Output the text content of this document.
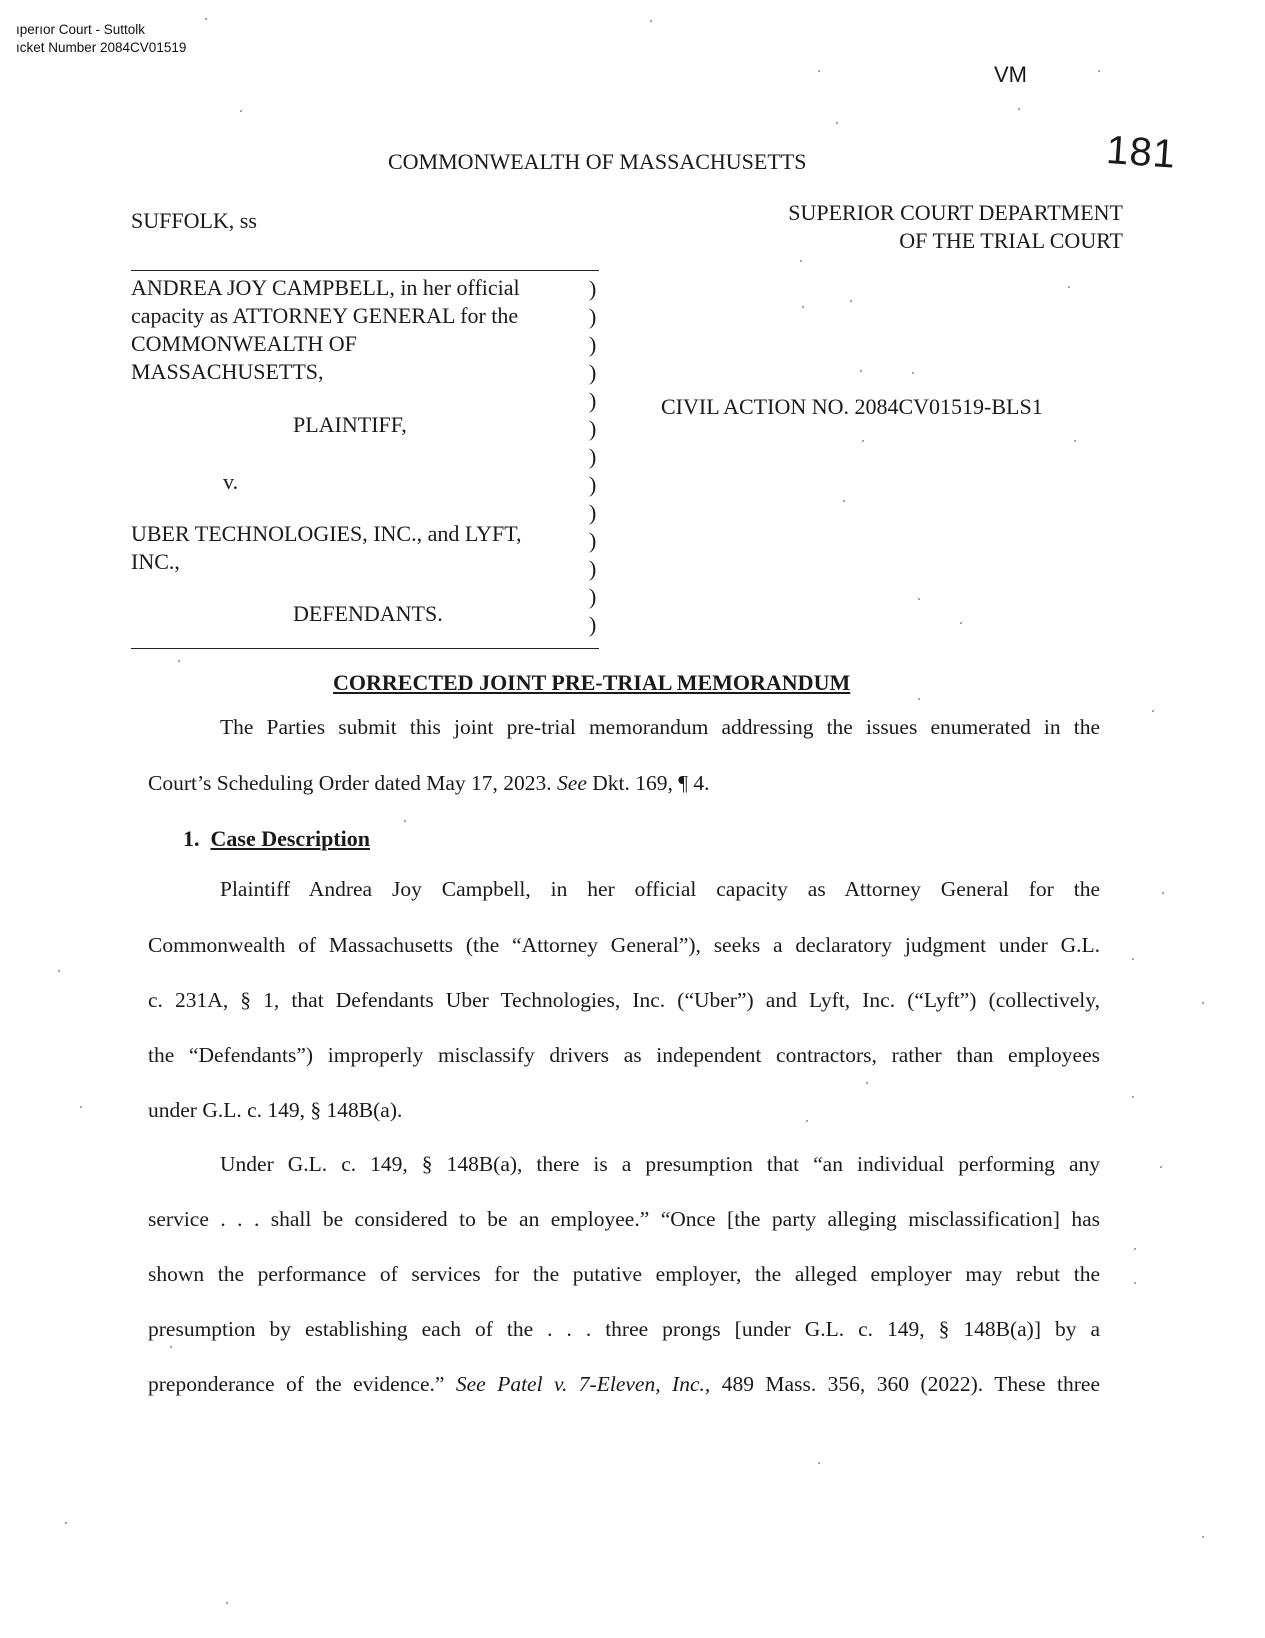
ıperıor Court - Suttolk
ıcket Number 2084CV01519
VM
181
COMMONWEALTH OF MASSACHUSETTS
SUFFOLK, ss	SUPERIOR COURT DEPARTMENT
OF THE TRIAL COURT
ANDREA JOY CAMPBELL, in her official
capacity as ATTORNEY GENERAL for the
COMMONWEALTH OF
MASSACHUSETTS,
PLAINTIFF,
v.
UBER TECHNOLOGIES, INC., and LYFT,
INC.,
DEFENDANTS.
)
)
)
)
)
)
)
)
)
)
)
)
)
CIVIL ACTION NO. 2084CV01519-BLS1
CORRECTED JOINT PRE-TRIAL MEMORANDUM
The Parties submit this joint pre-trial memorandum addressing the issues enumerated in the
Court’s Scheduling Order dated May 17, 2023. See Dkt. 169, ¶ 4.
1. Case Description
Plaintiff Andrea Joy Campbell, in her official capacity as Attorney General for the
Commonwealth of Massachusetts (the “Attorney General”), seeks a declaratory judgment under G.L.
c. 231A, § 1, that Defendants Uber Technologies, Inc. (“Uber”) and Lyft, Inc. (“Lyft”) (collectively,
the “Defendants”) improperly misclassify drivers as independent contractors, rather than employees
under G.L. c. 149, § 148B(a).
Under G.L. c. 149, § 148B(a), there is a presumption that “an individual performing any
service . . . shall be considered to be an employee.” “Once [the party alleging misclassification] has
shown the performance of services for the putative employer, the alleged employer may rebut the
presumption by establishing each of the . . . three prongs [under G.L. c. 149, § 148B(a)] by a
preponderance of the evidence.” See Patel v. 7-Eleven, Inc., 489 Mass. 356, 360 (2022). These three
